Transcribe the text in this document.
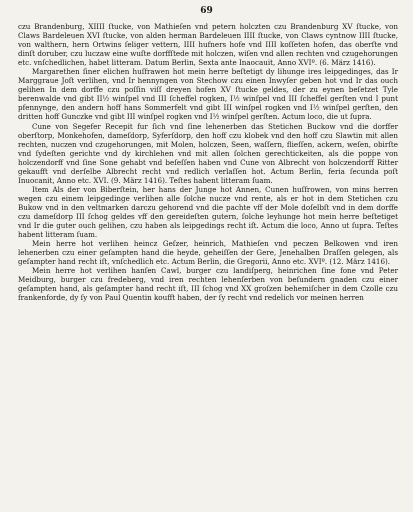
69

czu Brandenburg, XIIII ſtucke, von Mathieſen vnd petern holczten czu Brandenburg XV ſtucke, von Claws Bardeleuen XVI ſtucke, von alden herman Bardeleuen IIII ſtucke, von Claws cyntnow IIII ſtucke, von walthern, hern Ortwins ſeliger vettern, IIII hufners hofe vnd IIII koſſeten hofen, das oberſte vnd dinſt doruber, czu luczaw eine wuſte dorffſtede mit holczen, wiſen vnd allen rechten vnd czugehorungen etc. vnſchedlichen, habet litteram. Datum Berlin, Sexta ante Inaocauit, Anno XVIº. (6. März 1416).

Margarethen ſiner elichen huſfrawen hot mein herre beſtetigt dy lihunge ires leipgedinges, das Ir Marggraue Joſt verlihen, vnd Ir hennyngen von Stechow czu einen Inwyſer geben hot vnd Ir das ouch gelihen In dem dorffe czu poſſin viſſ dreyen hofen XV ſtucke geldes, der zu eynen beſetzet Tyle berenwalde vnd gibt II½ winſpel vnd III ſcheffel rogken, I½ winſpel vnd III ſcheffel gerſten vnd I punt pfennynge, den andern hoff hans Sommerfelt vnd gibt III winſpel rogken vnd I½ winſpel gerſten, den dritten hoff Gunczke vnd gibt III winſpel rogken vnd I½ winſpel gerſten. Actum loco, die ut ſupra.

Cune von Segefer Recepit fur ſich vnd ſine lehenerben das Stetichen Buckow vnd die dorffer oberſtorp, Monkehofen, dameſdorp, Syferſdorp, den hoff czu klobek vnd den hoff czu Slawtin mit allen rechten, nuczen vnd czugehorungen, mit Molen, holczen, Seen, waſſern, flieſſen, ackern, weſen, obirſte vnd ſydeſten gerichte vnd dy kirchlehen vnd mit allen ſolchen gerechtickeiten, als die poppe von holczendorff vnd ſine Sone gehabt vnd beſeſſen haben vnd Cune von Albrecht von holczendorff Ritter gekaufft vnd derſelbe Albrecht recht vnd redlich verlaſſen hot. Actum Berlin, feria ſecunda poſt Inuocanit, Anno etc. XVI. (9. März 1416). Teſtes habent litteram ſuam.

Item Als der von Biberſtein, her hans der Junge hot Annen, Cunen huſfrowen, von mins herren wegen czu einem leipgedinge verlihen alle ſolche nucze vnd rente, als er hot in dem Stetichen czu Bukow vnd in den veltmarken darczu gehorend vnd die pachte vff der Mole doſelbſt vnd in dem dorffe czu dameſdorp III ſchog geldes vff den gereideſten gutern, ſolche leyhunge hot mein herre beſtetiget vnd Ir die guter ouch gelihen, czu haben als leipgedings recht iſt. Actum die loco, Anno ut ſupra. Teſtes habent litteram ſuam.

Mein herre hot verlihen heincz Geſzer, heinrich, Mathieſen vnd peczen Belkowen vnd iren lehenerben czu einer geſampten hand die heyde, geheiſſen der Gere, Jenehalben Draſſen gelegen, als geſampter hand recht iſt, vnſchedlich etc. Actum Berlin, die Gregorii, Anno etc. XVIº. (12. März 1416).

Mein herre hot verlihen hanſen Cawl, burger czu landiſperg, heinrichen ſine fone vnd Peter Meidburg, burger czu fredeberg, vnd iren rechten lehenſerben von beſundern gnaden czu einer geſampten hand, als geſampter hand recht iſt, III ſchog vnd XX groſzen behemiſcher in dem Czolle czu frankenforde, dy ſy von Paul Quentin koufft haben, der ſy recht vnd redelich vor meinen herren
